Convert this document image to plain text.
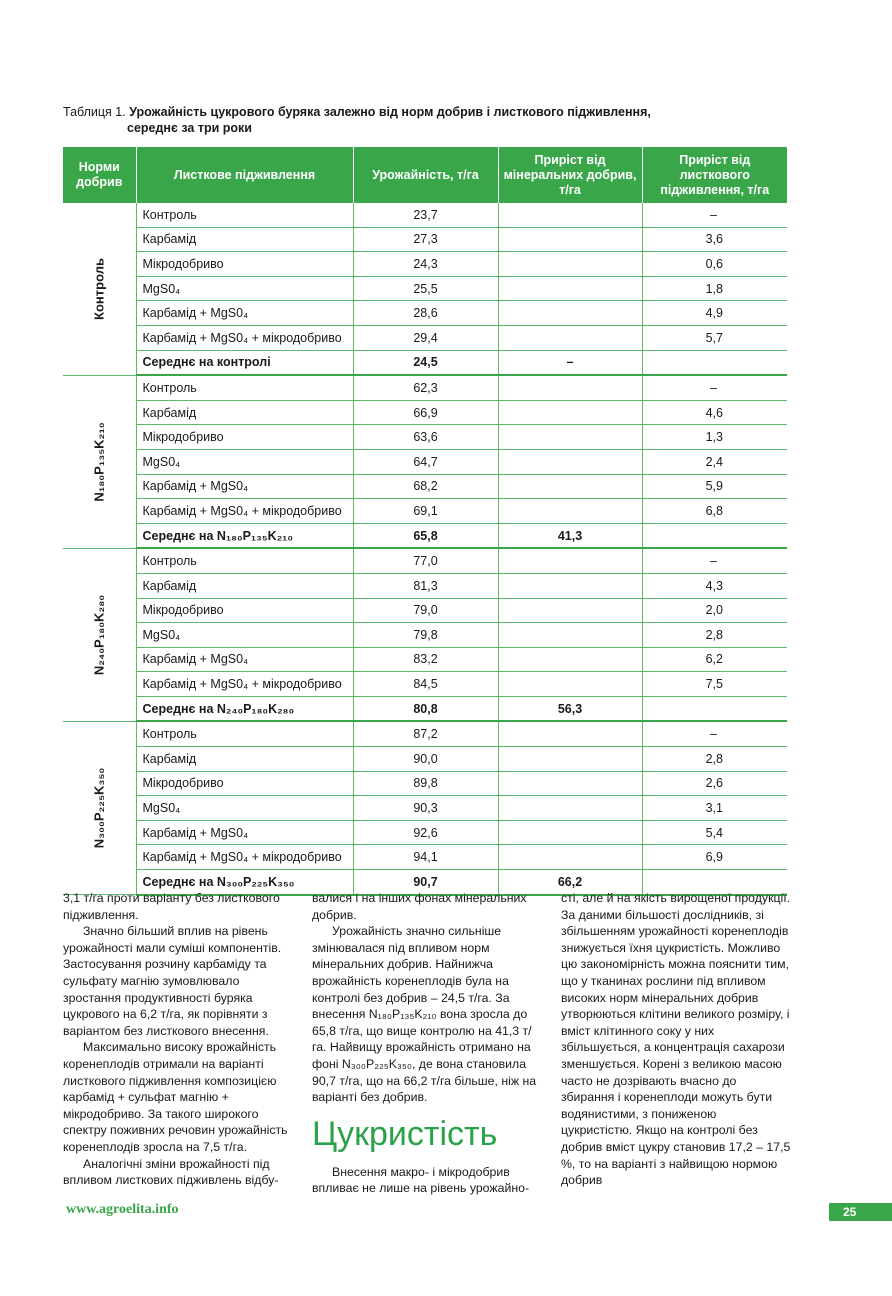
Таблиця 1. Урожайність цукрового буряка залежно від норм добрив і листкового підживлення,
середнє за три роки
Норми добрив	Листкове підживлення	Урожайність, т/га	Приріст від мінеральних добрив, т/га	Приріст від листкового підживлення, т/га

Контроль	Контроль	23,7		–
	Карбамід	27,3		3,6
	Мікродобриво	24,3		0,6
	MgS0₄	25,5		1,8
	Карбамід + MgS0₄	28,6		4,9
	Карбамід + MgS0₄ + мікродобриво	29,4		5,7
	Середнє на контролі	24,5	–	

N₁₈₀P₁₃₅K₂₁₀	Контроль	62,3		–
	Карбамід	66,9		4,6
	Мікродобриво	63,6		1,3
	MgS0₄	64,7		2,4
	Карбамід + MgS0₄	68,2		5,9
	Карбамід + MgS0₄ + мікродобриво	69,1		6,8
	Середнє на N₁₈₀P₁₃₅K₂₁₀	65,8	41,3	

N₂₄₀P₁₈₀K₂₈₀	Контроль	77,0		–
	Карбамід	81,3		4,3
	Мікродобриво	79,0		2,0
	MgS0₄	79,8		2,8
	Карбамід + MgS0₄	83,2		6,2
	Карбамід + MgS0₄ + мікродобриво	84,5		7,5
	Середнє на N₂₄₀P₁₈₀K₂₈₀	80,8	56,3	

N₃₀₀P₂₂₅K₃₅₀	Контроль	87,2		–
	Карбамід	90,0		2,8
	Мікродобриво	89,8		2,6
	MgS0₄	90,3		3,1
	Карбамід + MgS0₄	92,6		5,4
	Карбамід + MgS0₄ + мікродобриво	94,1		6,9
	Середнє на N₃₀₀P₂₂₅K₃₅₀	90,7	66,2	

3,1 т/га проти варіанту без листкового підживлення.

Значно більший вплив на рівень урожайності мали суміші компонентів. Застосування розчину карбаміду та сульфату магнію зумовлювало зростання продуктивності буряка цукрового на 6,2 т/га, як порівняти з варіантом без листкового внесення.

Максимально високу врожайність коренеплодів отримали на варіанті листкового підживлення композицією карбамід + сульфат магнію + мікродобриво. За такого широкого спектру поживних речовин урожайність коренеплодів зросла на 7,5 т/га.

Аналогічні зміни врожайності під впливом листкових підживлень відбу-

валися і на інших фонах мінеральних добрив.

Урожайність значно сильніше змінювалася під впливом норм мінеральних добрив. Найнижча врожайність коренеплодів була на контролі без добрив – 24,5 т/га. За внесення N₁₈₀P₁₃₅K₂₁₀ вона зросла до 65,8 т/га, що вище контролю на 41,3 т/га. Найвищу врожайність отримано на фоні N₃₀₀P₂₂₅K₃₅₀, де вона становила 90,7 т/га, що на 66,2 т/га більше, ніж на варіанті без добрив.

Цукристість

Внесення макро- і мікродобрив впливає не лише на рівень урожайно-

сті, але й на якість вирощеної продукції. За даними більшості дослідників, зі збільшенням урожайності коренеплодів знижується їхня цукристість. Можливо цю закономірність можна пояснити тим, що у тканинах рослини під впливом високих норм мінеральних добрив утворюються клітини великого розміру, і вміст клітинного соку у них збільшується, а концентрація сахарози зменшується. Корені з великою масою часто не дозрівають вчасно до збирання і коренеплоди можуть бути водянистими, з пониженою цукристістю. Якщо на контролі без добрив вміст цукру становив 17,2 – 17,5 %, то на варіанті з найвищою нормою добрив

www.agroelita.info	25
